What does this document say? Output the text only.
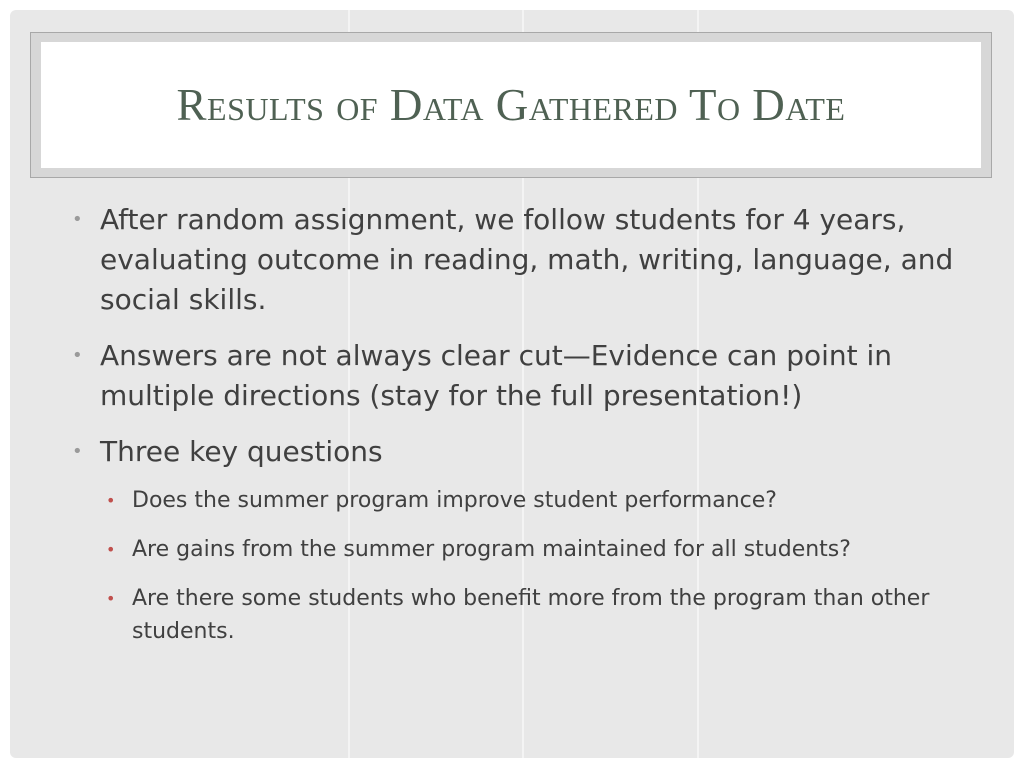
Results of Data Gathered To Date
• After random assignment, we follow students for 4 years, evaluating outcome in reading, math, writing, language, and social skills.
• Answers are not always clear cut—Evidence can point in multiple directions (stay for the full presentation!)
• Three key questions
• Does the summer program improve student performance?
• Are gains from the summer program maintained for all students?
• Are there some students who benefit more from the program than other students.
